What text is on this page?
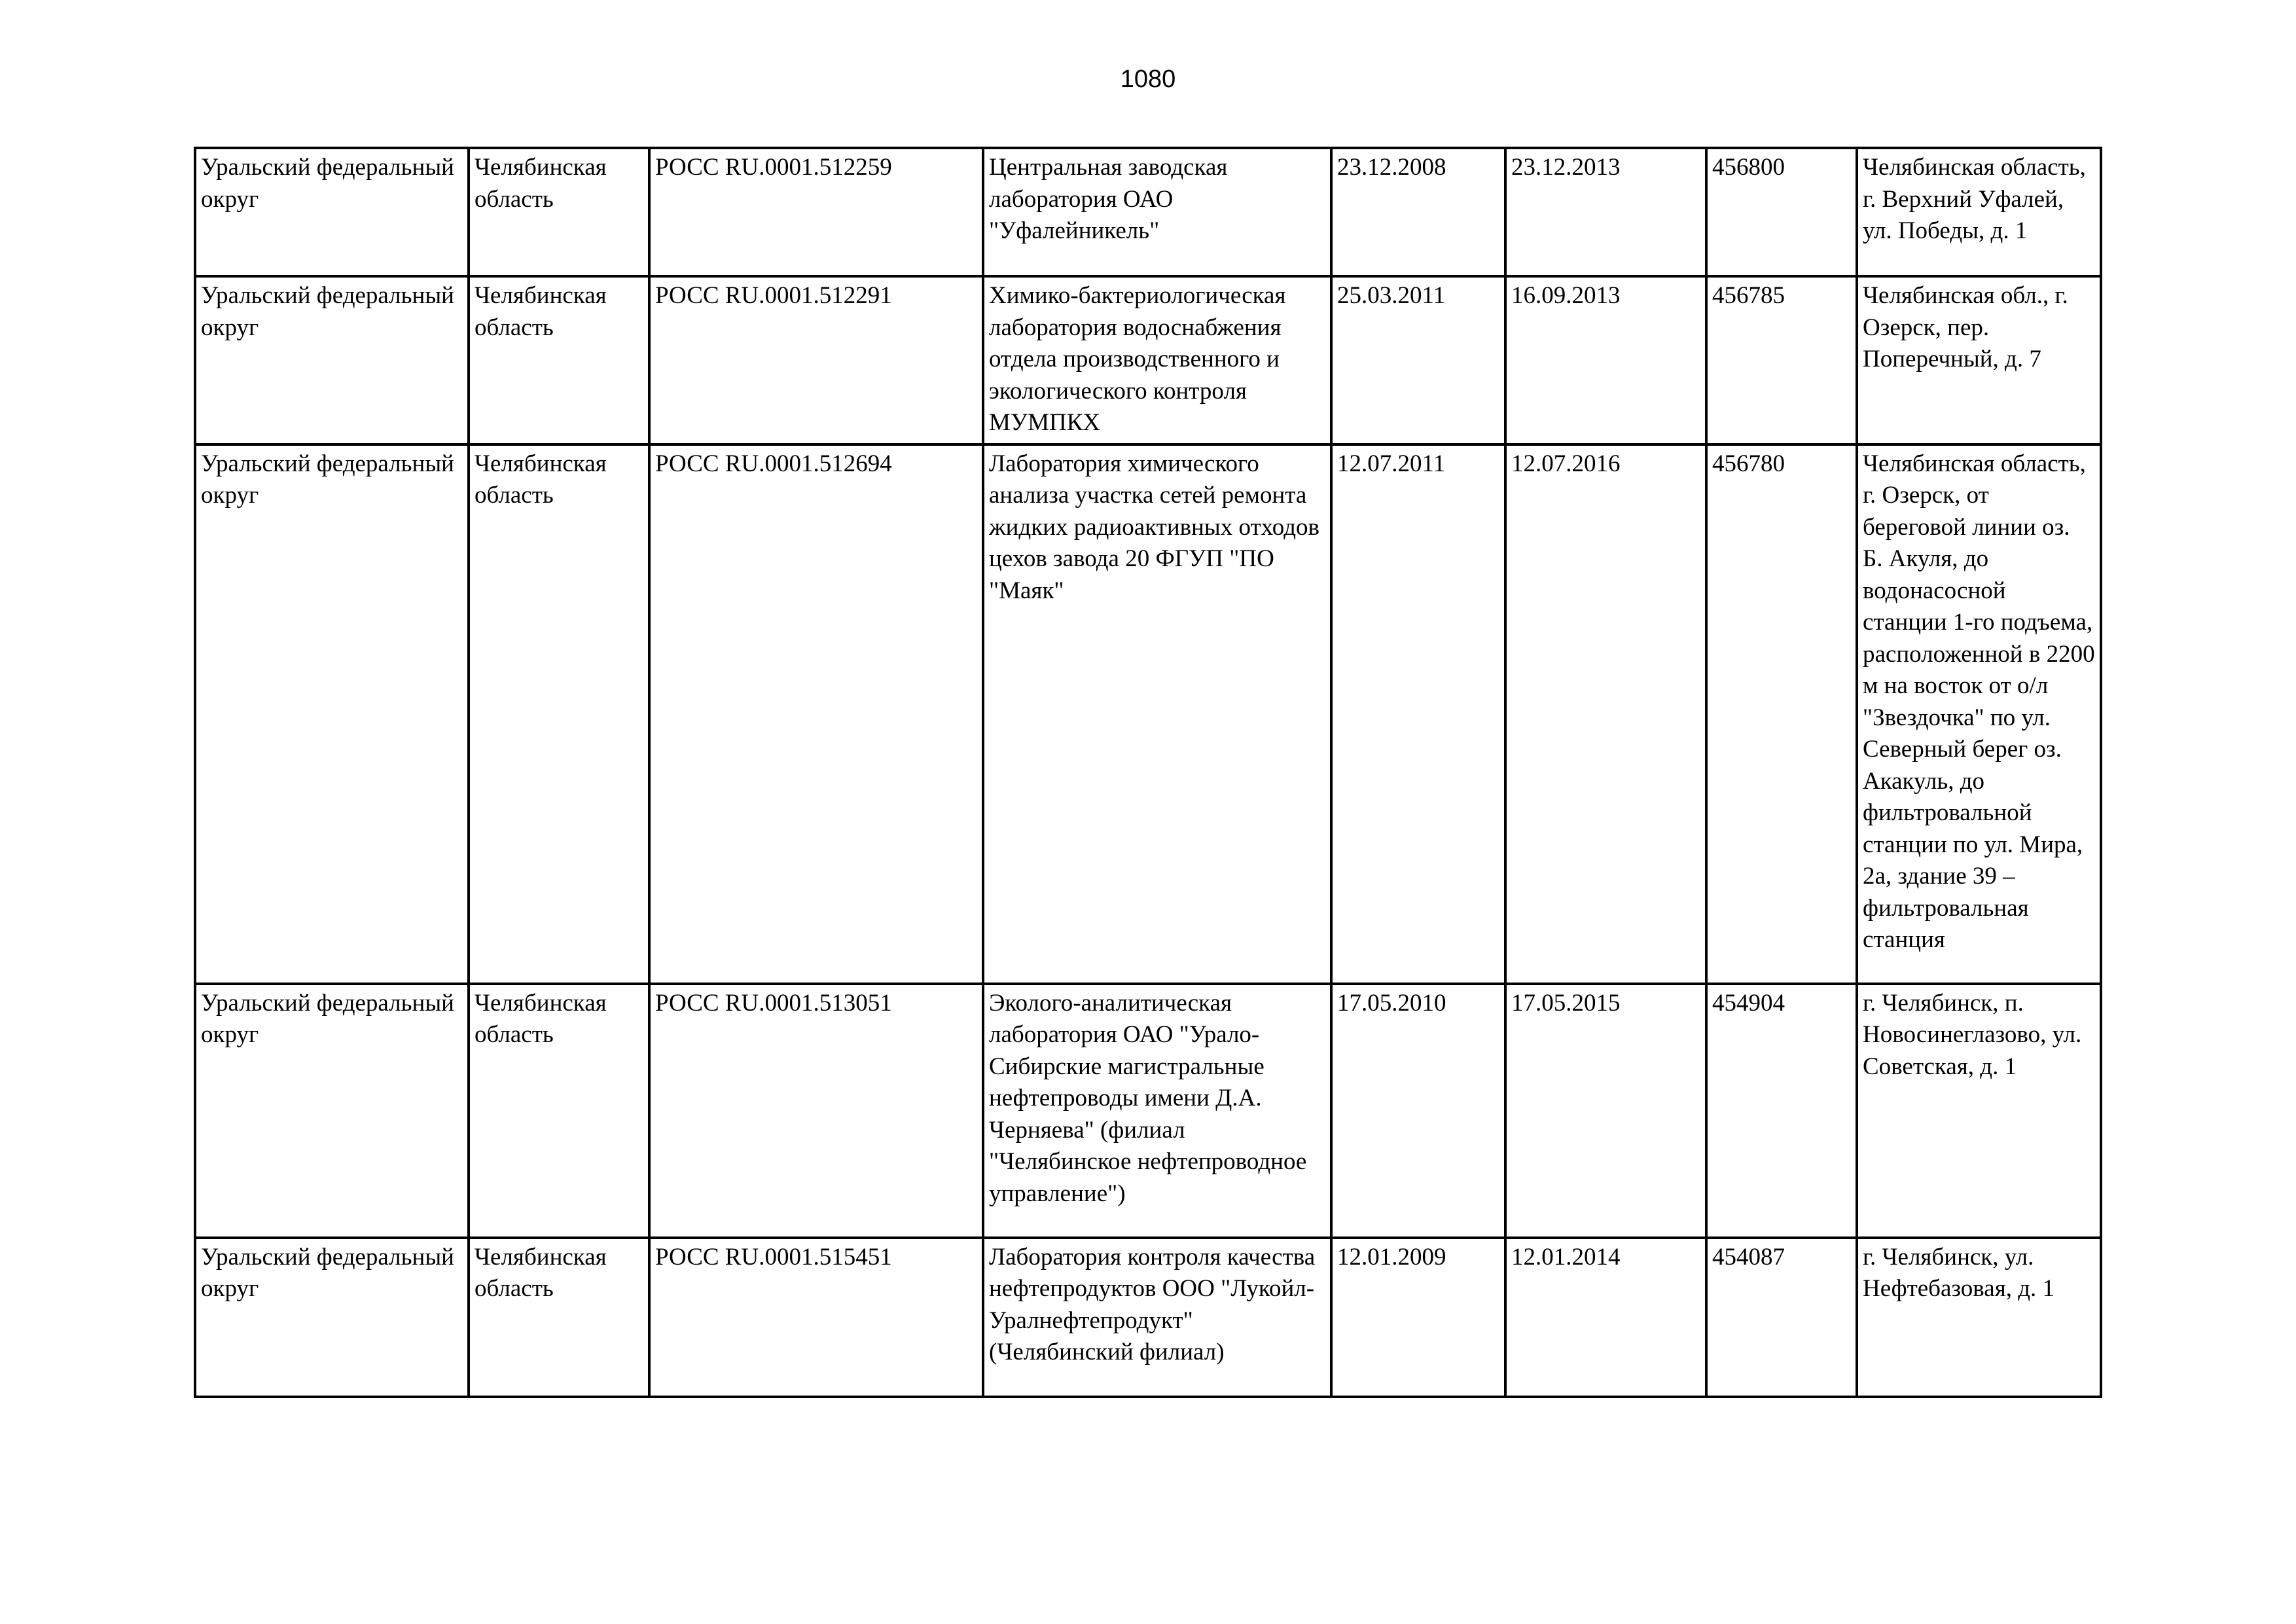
1080
Уральский федеральный округ	Челябинская область	РОСС RU.0001.512259	Центральная заводская лаборатория ОАО "Уфалейникель"	23.12.2008	23.12.2013	456800	Челябинская область, г. Верхний Уфалей, ул. Победы, д. 1
Уральский федеральный округ	Челябинская область	РОСС RU.0001.512291	Химико-бактериологическая лаборатория водоснабжения отдела производственного и экологического контроля МУМПКХ	25.03.2011	16.09.2013	456785	Челябинская обл., г. Озерск, пер. Поперечный, д. 7
Уральский федеральный округ	Челябинская область	РОСС RU.0001.512694	Лаборатория химического анализа участка сетей ремонта жидких радиоактивных отходов цехов завода 20 ФГУП "ПО "Маяк"	12.07.2011	12.07.2016	456780	Челябинская область, г. Озерск, от береговой линии оз. Б. Акуля, до водонасосной станции 1-го подъема, расположенной в 2200 м на восток от о/л "Звездочка" по ул. Северный берег оз. Акакуль, до фильтровальной станции по ул. Мира, 2а, здание 39 – фильтровальная станция
Уральский федеральный округ	Челябинская область	РОСС RU.0001.513051	Эколого-аналитическая лаборатория ОАО "Урало-Сибирские магистральные нефтепроводы имени Д.А. Черняева" (филиал "Челябинское нефтепроводное управление")	17.05.2010	17.05.2015	454904	г. Челябинск, п. Новосинеглазово, ул. Советская, д. 1
Уральский федеральный округ	Челябинская область	РОСС RU.0001.515451	Лаборатория контроля качества нефтепродуктов ООО "Лукойл-Уралнефтепродукт" (Челябинский филиал)	12.01.2009	12.01.2014	454087	г. Челябинск, ул. Нефтебазовая, д. 1
